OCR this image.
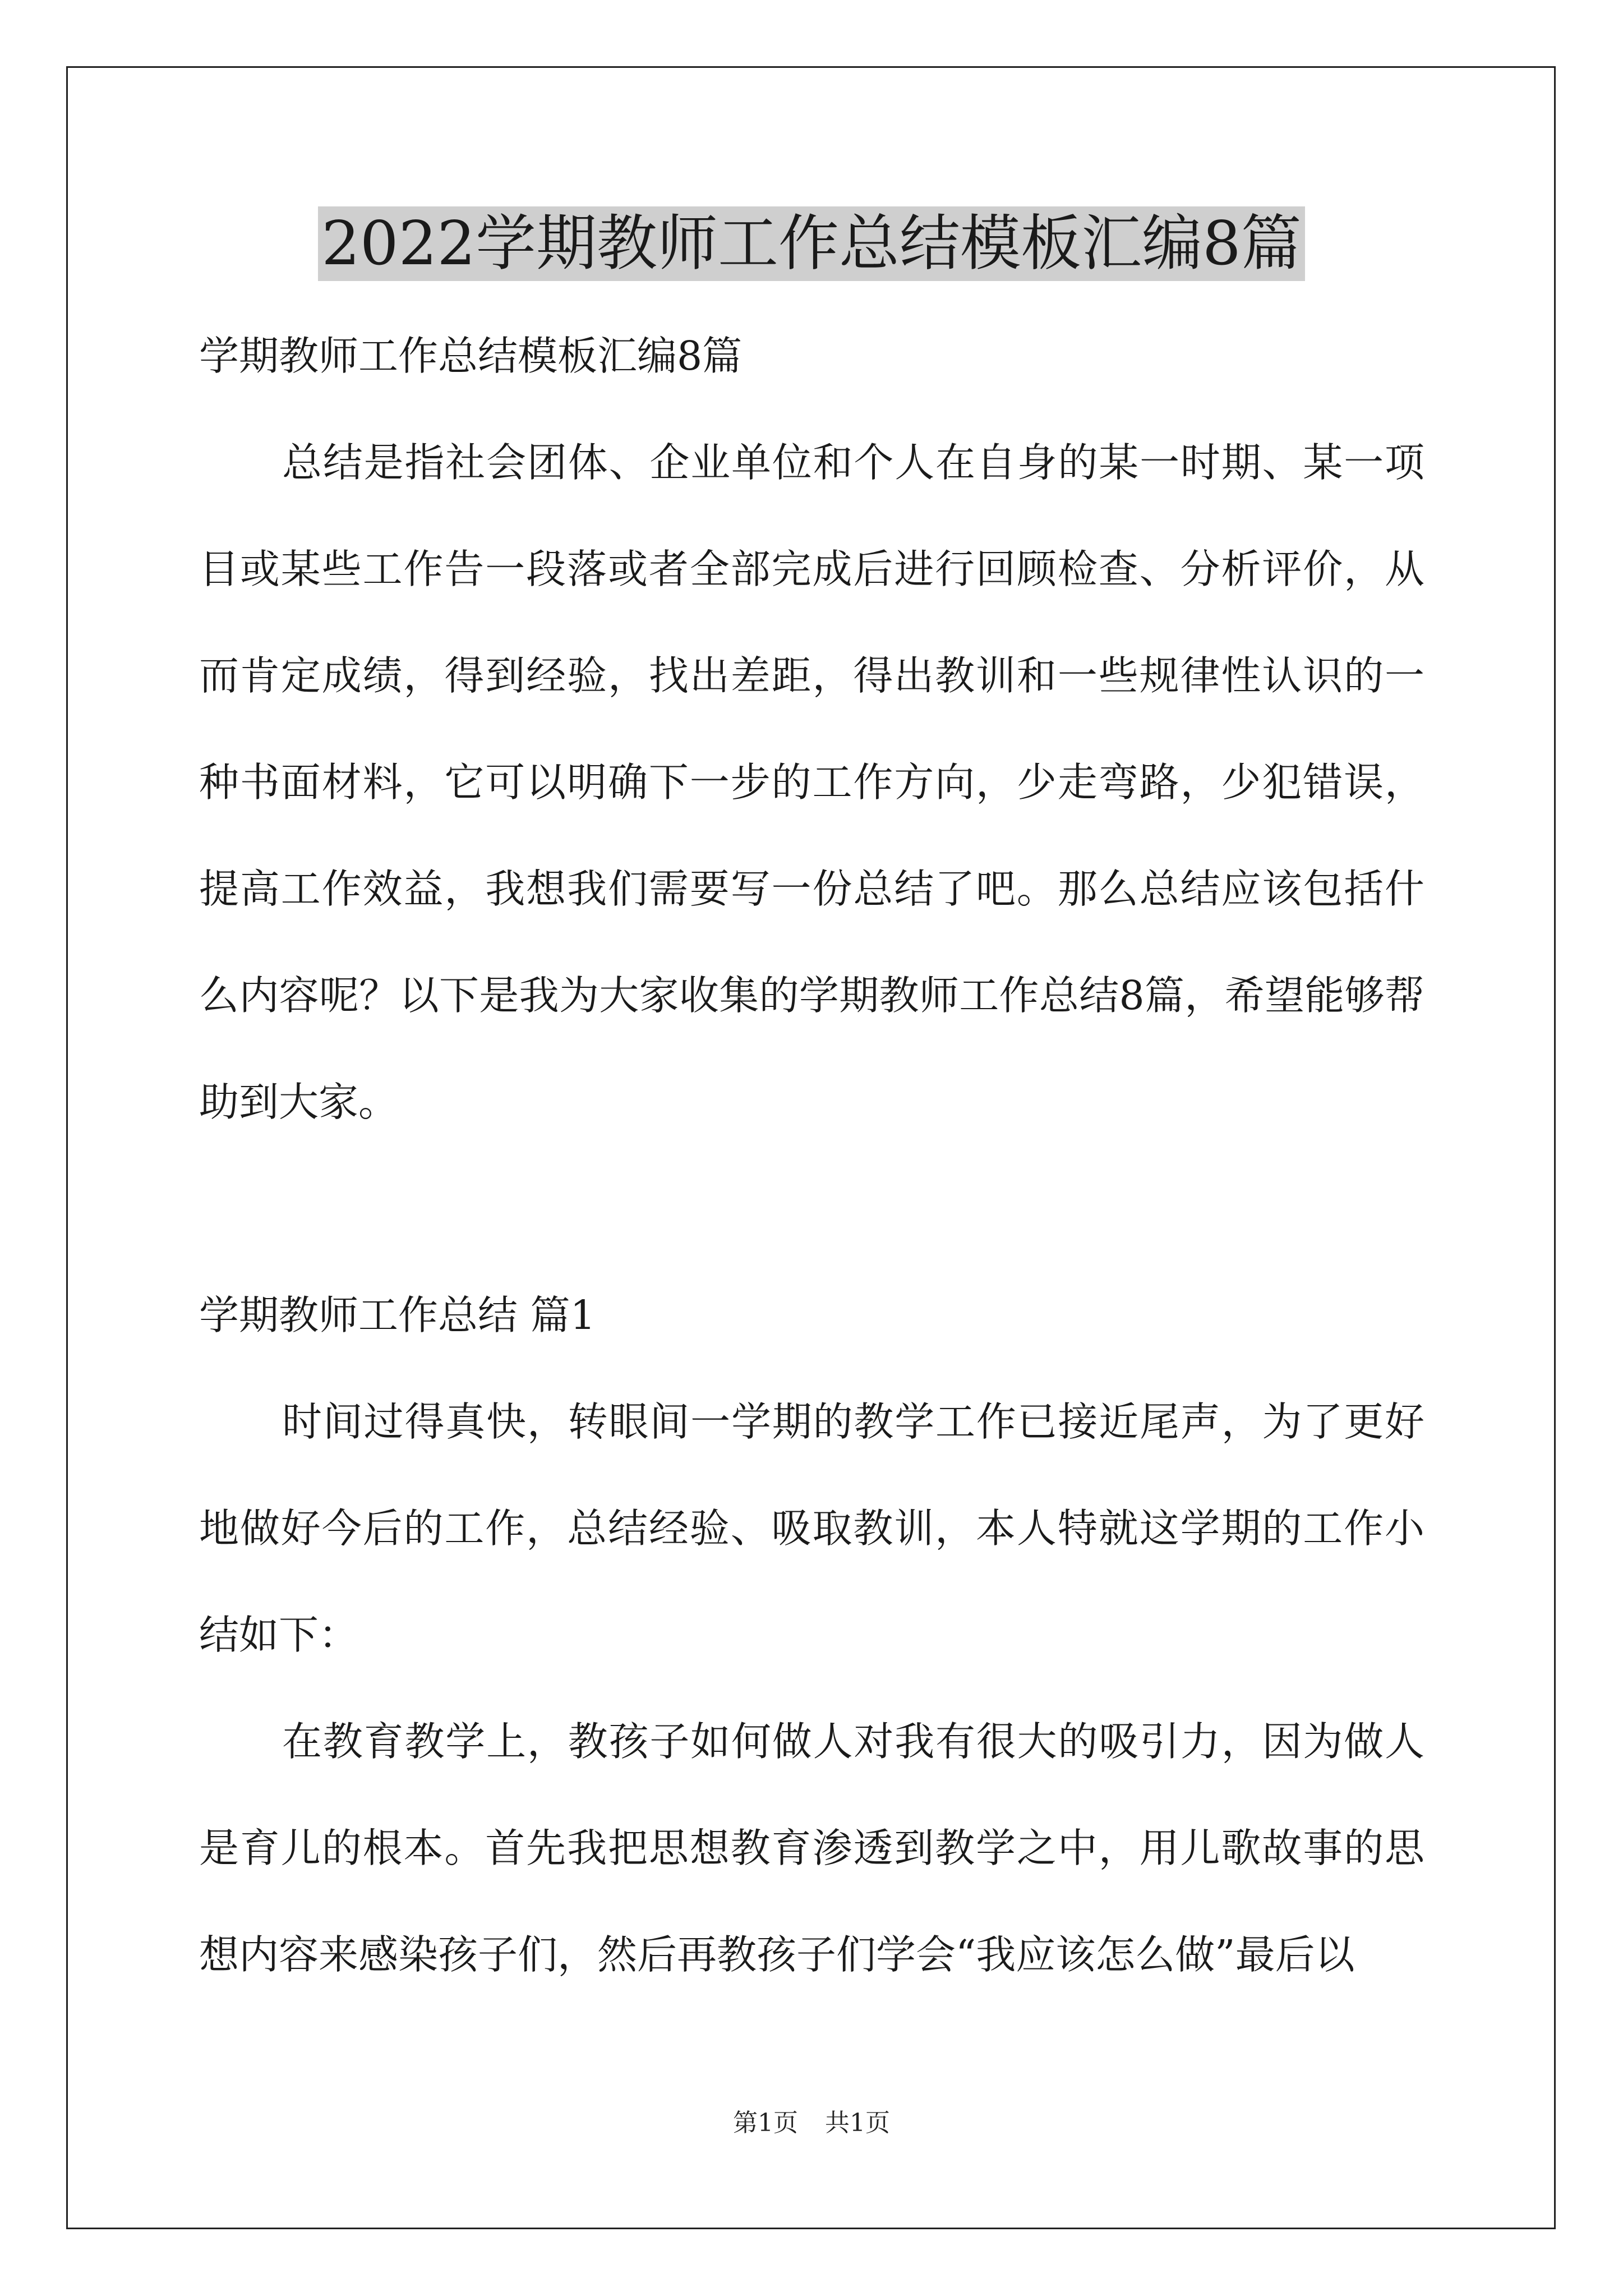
2022学期教师工作总结模板汇编8篇

学期教师工作总结模板汇编8篇

总结是指社会团体、企业单位和个人在自身的某一时期、某一项目或某些工作告一段落或者全部完成后进行回顾检查、分析评价，从而肯定成绩，得到经验，找出差距，得出教训和一些规律性认识的一种书面材料，它可以明确下一步的工作方向，少走弯路，少犯错误，提高工作效益，我想我们需要写一份总结了吧。那么总结应该包括什么内容呢？以下是我为大家收集的学期教师工作总结8篇，希望能够帮助到大家。

学期教师工作总结 篇1

时间过得真快，转眼间一学期的教学工作已接近尾声，为了更好地做好今后的工作，总结经验、吸取教训，本人特就这学期的工作小结如下：

在教育教学上，教孩子如何做人对我有很大的吸引力，因为做人是育儿的根本。首先我把思想教育渗透到教学之中，用儿歌故事的思想内容来感染孩子们，然后再教孩子们学会“我应该怎么做”最后以

第1页 共1页
